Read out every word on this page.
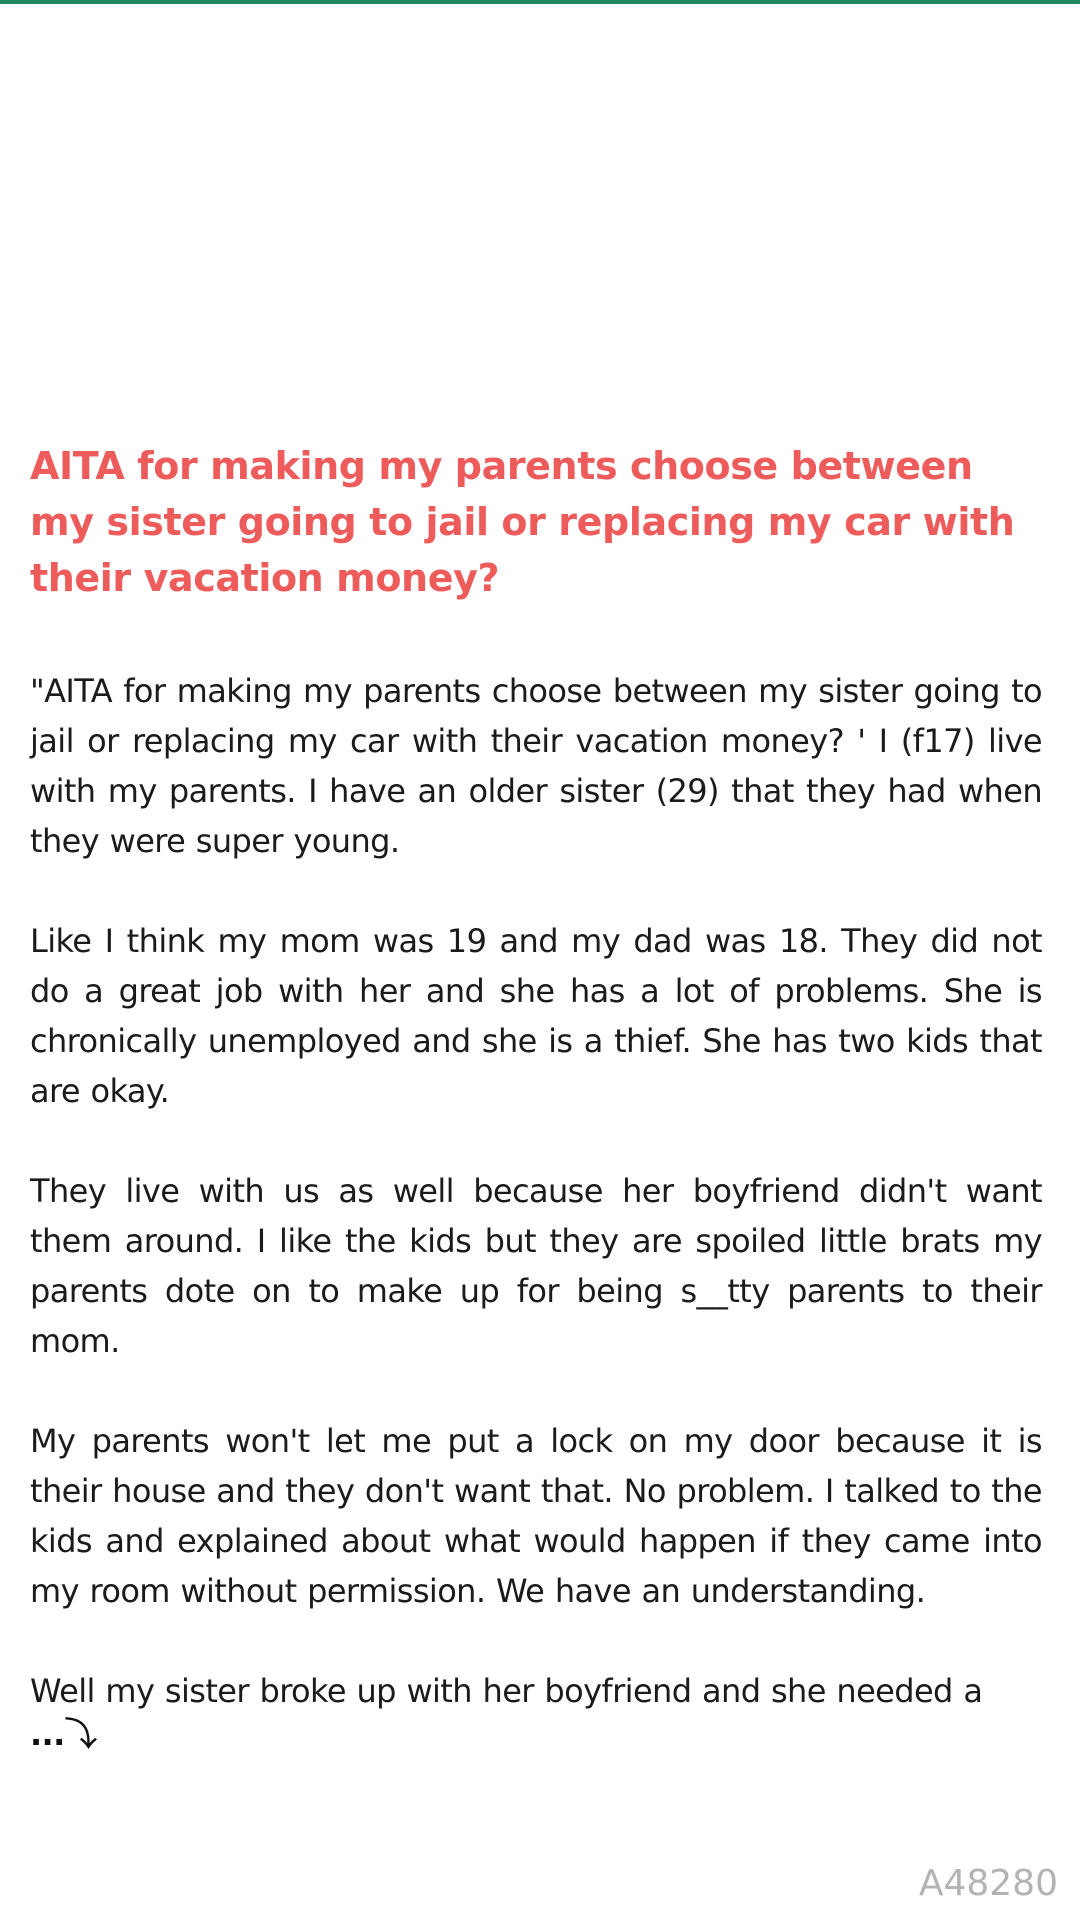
AITA for making my parents choose between my sister going to jail or replacing my car with their vacation money?

"AITA for making my parents choose between my sister going to jail or replacing my car with their vacation money? ' I (f17) live with my parents. I have an older sister (29) that they had when they were super young.

Like I think my mom was 19 and my dad was 18. They did not do a great job with her and she has a lot of problems. She is chronically unemployed and she is a thief. She has two kids that are okay.

They live with us as well because her boyfriend didn't want them around. I like the kids but they are spoiled little brats my parents dote on to make up for being s__tty parents to their mom.

My parents won't let me put a lock on my door because it is their house and they don't want that. No problem. I talked to the kids and explained about what would happen if they came into my room without permission. We have an understanding.

Well my sister broke up with her boyfriend and she needed a

...⤵
A48280
